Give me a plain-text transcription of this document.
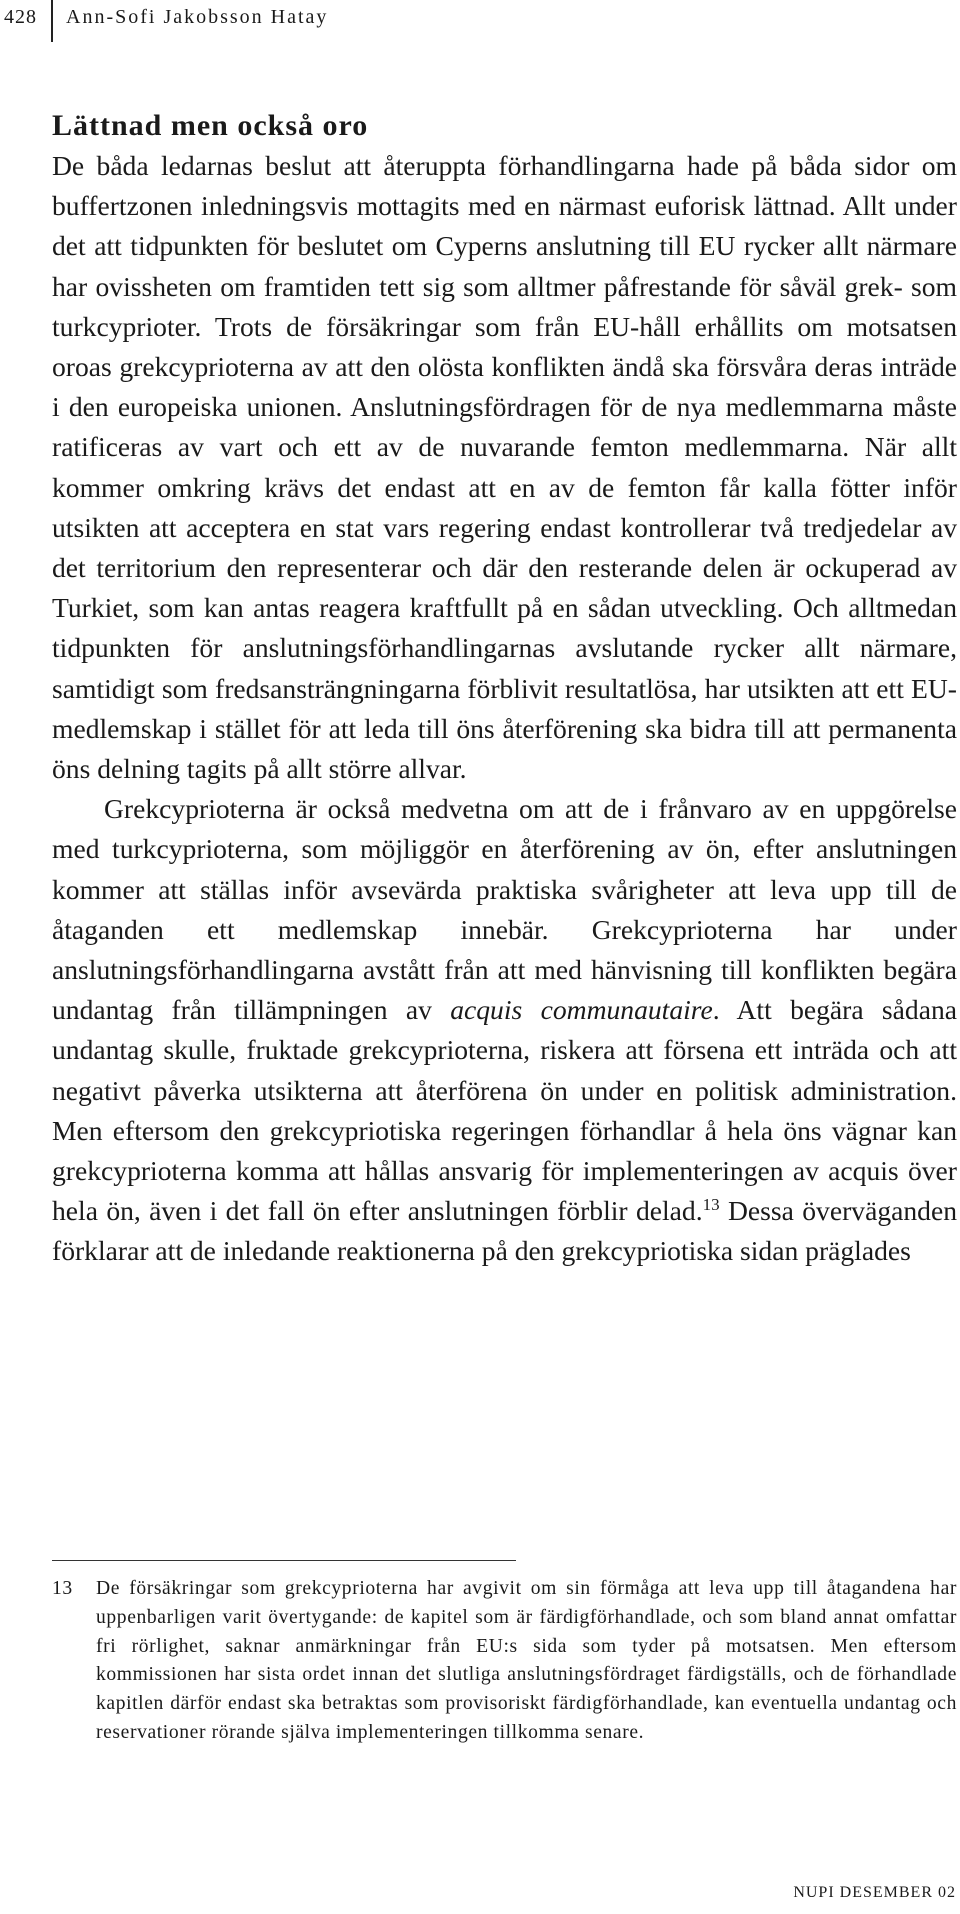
428 Ann-Sofi Jakobsson Hatay
Lättnad men också oro

De båda ledarnas beslut att återuppta förhandlingarna hade på båda sidor om buffertzonen inledningsvis mottagits med en närmast euforisk lättnad. Allt under det att tidpunkten för beslutet om Cyperns anslutning till EU rycker allt närmare har ovissheten om framtiden tett sig som alltmer påfrestande för såväl grek- som turkcyprioter. Trots de försäkringar som från EU-håll erhållits om motsatsen oroas grekcyprioterna av att den olösta konflikten ändå ska försvåra deras inträde i den europeiska unionen. Anslutningsfördragen för de nya medlemmarna måste ratificeras av vart och ett av de nuvarande femton medlemmarna. När allt kommer omkring krävs det endast att en av de femton får kalla fötter inför utsikten att acceptera en stat vars regering endast kontrollerar två tredjedelar av det territorium den representerar och där den resterande delen är ockuperad av Turkiet, som kan antas reagera kraftfullt på en sådan utveckling. Och alltmedan tidpunkten för anslutningsförhandlingarnas avslutande rycker allt närmare, samtidigt som fredsansträngningarna förblivit resultatlösa, har utsikten att ett EU-medlemskap i stället för att leda till öns återförening ska bidra till att permanenta öns delning tagits på allt större allvar.

Grekcyprioterna är också medvetna om att de i frånvaro av en uppgörelse med turkcyprioterna, som möjliggör en återförening av ön, efter anslutningen kommer att ställas inför avsevärda praktiska svårigheter att leva upp till de åtaganden ett medlemskap innebär. Grekcyprioterna har under anslutningsförhandlingarna avstått från att med hänvisning till konflikten begära undantag från tillämpningen av acquis communautaire. Att begära sådana undantag skulle, fruktade grekcyprioterna, riskera att försena ett inträda och att negativt påverka utsikterna att återförena ön under en politisk administration. Men eftersom den grekcypriotiska regeringen förhandlar å hela öns vägnar kan grekcyprioterna komma att hållas ansvarig för implementeringen av acquis över hela ön, även i det fall ön efter anslutningen förblir delad.$^{13}$ Dessa överväganden förklarar att de inledande reaktionerna på den grekcypriotiska sidan präglades

13	De försäkringar som grekcyprioterna har avgivit om sin förmåga att leva upp till åtagandena har uppenbarligen varit övertygande: de kapitel som är färdigförhandlade, och som bland annat omfattar fri rörlighet, saknar anmärkningar från EU:s sida som tyder på motsatsen. Men eftersom kommissionen har sista ordet innan det slutliga anslutningsfördraget färdigställs, och de förhandlade kapitlen därför endast ska betraktas som provisoriskt färdigförhandlade, kan eventuella undantag och reservationer rörande själva implementeringen tillkomma senare.
NUPI DESEMBER 02
